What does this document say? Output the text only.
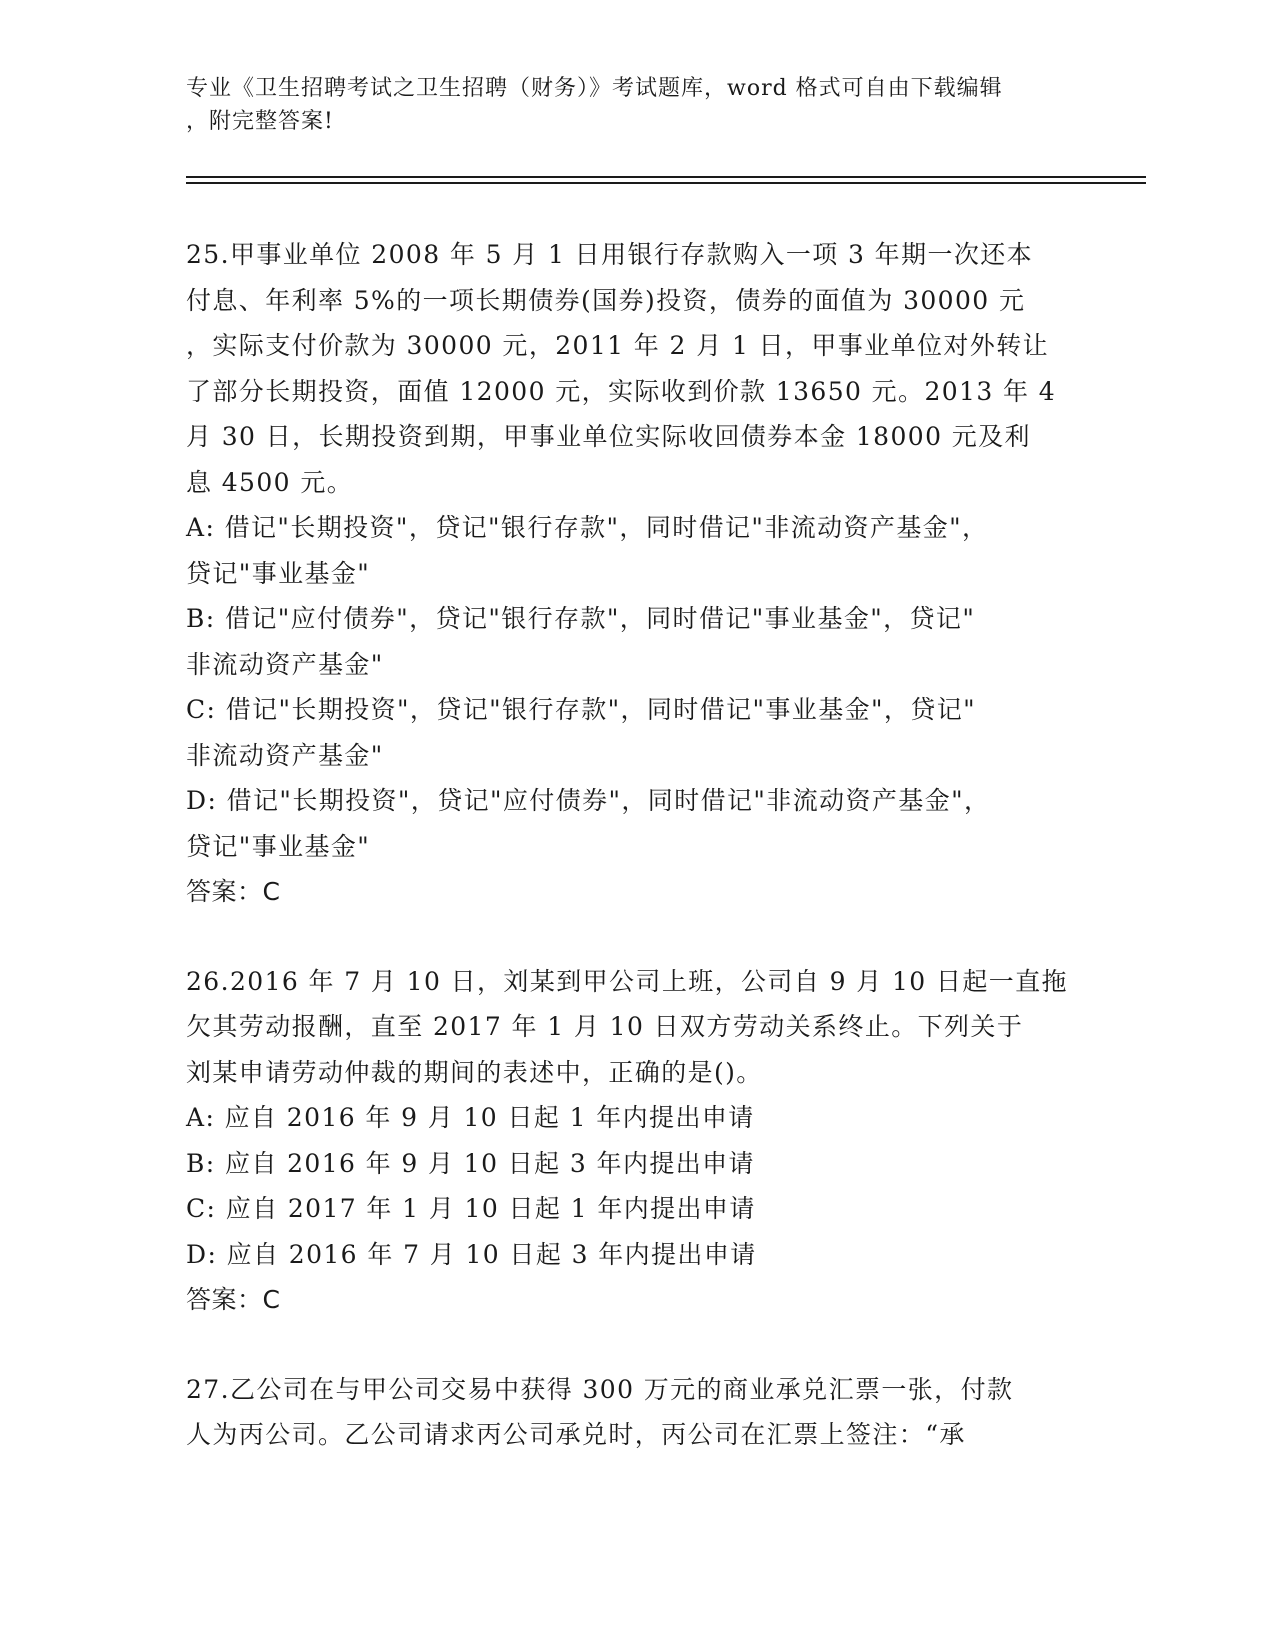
专业《卫生招聘考试之卫生招聘（财务）》考试题库，word 格式可自由下载编辑
，附完整答案!
25.甲事业单位 2008 年 5 月 1 日用银行存款购入一项 3 年期一次还本
付息、年利率 5%的一项长期债券(国券)投资，债券的面值为 30000 元
，实际支付价款为 30000 元，2011 年 2 月 1 日，甲事业单位对外转让
了部分长期投资，面值 12000 元，实际收到价款 13650 元。2013 年 4
月 30 日，长期投资到期，甲事业单位实际收回债券本金 18000 元及利
息 4500 元。
A: 借记"长期投资"，贷记"银行存款"，同时借记"非流动资产基金"，
贷记"事业基金"
B: 借记"应付债券"，贷记"银行存款"，同时借记"事业基金"，贷记"
非流动资产基金"
C: 借记"长期投资"，贷记"银行存款"，同时借记"事业基金"，贷记"
非流动资产基金"
D: 借记"长期投资"，贷记"应付债券"，同时借记"非流动资产基金"，
贷记"事业基金"
答案：C
26.2016 年 7 月 10 日，刘某到甲公司上班，公司自 9 月 10 日起一直拖
欠其劳动报酬，直至 2017 年 1 月 10 日双方劳动关系终止。下列关于
刘某申请劳动仲裁的期间的表述中，正确的是()。
A: 应自 2016 年 9 月 10 日起 1 年内提出申请
B: 应自 2016 年 9 月 10 日起 3 年内提出申请
C: 应自 2017 年 1 月 10 日起 1 年内提出申请
D: 应自 2016 年 7 月 10 日起 3 年内提出申请
答案：C
27.乙公司在与甲公司交易中获得 300 万元的商业承兑汇票一张，付款
人为丙公司。乙公司请求丙公司承兑时，丙公司在汇票上签注：“承
